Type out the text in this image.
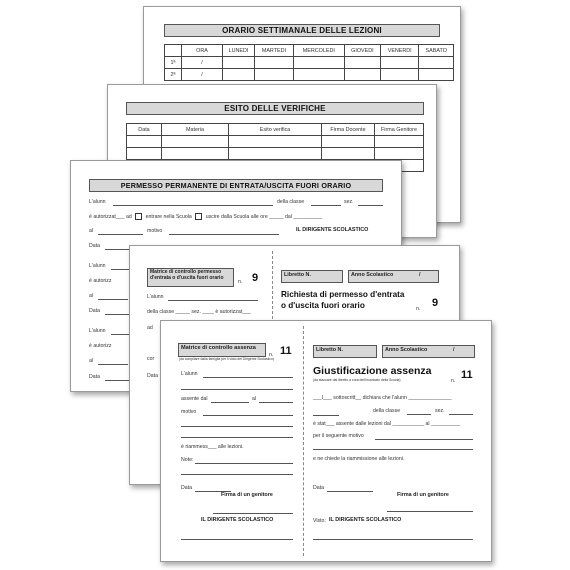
ORARIO SETTIMANALE DELLE LEZIONI
	ORA	LUNEDI	MARTEDI	MERCOLEDI	GIOVEDI	VENERDI	SABATO
1ª	/						
2ª	/						
ESITO DELLE VERIFICHE
Data	Materia	Esito verifica	Firma Docente	Firma Genitore

PERMESSO PERMANENTE DI ENTRATA/USCITA FUORI ORARIO
L'alunn	della classe	sez.
è autorizzat___ ad	entrare nella Scuola	uscire dalla Scuola alle ore _____ dal __________
al	motivo	IL DIRIGENTE SCOLASTICO
Data
L'alunn
è autorizz
al
Data
L'alunn
è autorizz
al
Data
Matrice di controllo permesso d'entrata o d'uscita fuori orario
n. 9
L'alunn
della classe _____ sez. ____ è autorizzat___
ad
cor
Data
Libretto N.	Anno Scolastico	/
Richiesta di permesso d'entrata
o d'uscita fuori orario	n. 9
Matrice di controllo assenza
(da compilare dalla famiglia per il visto del Dirigente Scolastico)
n. 11
L'alunn
assente dal	al
motivo
è riammess___ alle lezioni.
Note:
Data
Firma di un genitore
IL DIRIGENTE SCOLASTICO
Libretto N.	Anno Scolastico	/
Giustificazione assenza
(da staccare dal libretto a cura dell'incaricato della Scuola)	n. 11
___I___ sottoscritt__ dichiara che l'alunn _______________
della classe	sez.
è stat___ assente dalle lezioni dal ___________ al __________
per il seguente motivo
e ne chiede la riammissione alle lezioni.
Data
Firma di un genitore
Visto: IL DIRIGENTE SCOLASTICO
